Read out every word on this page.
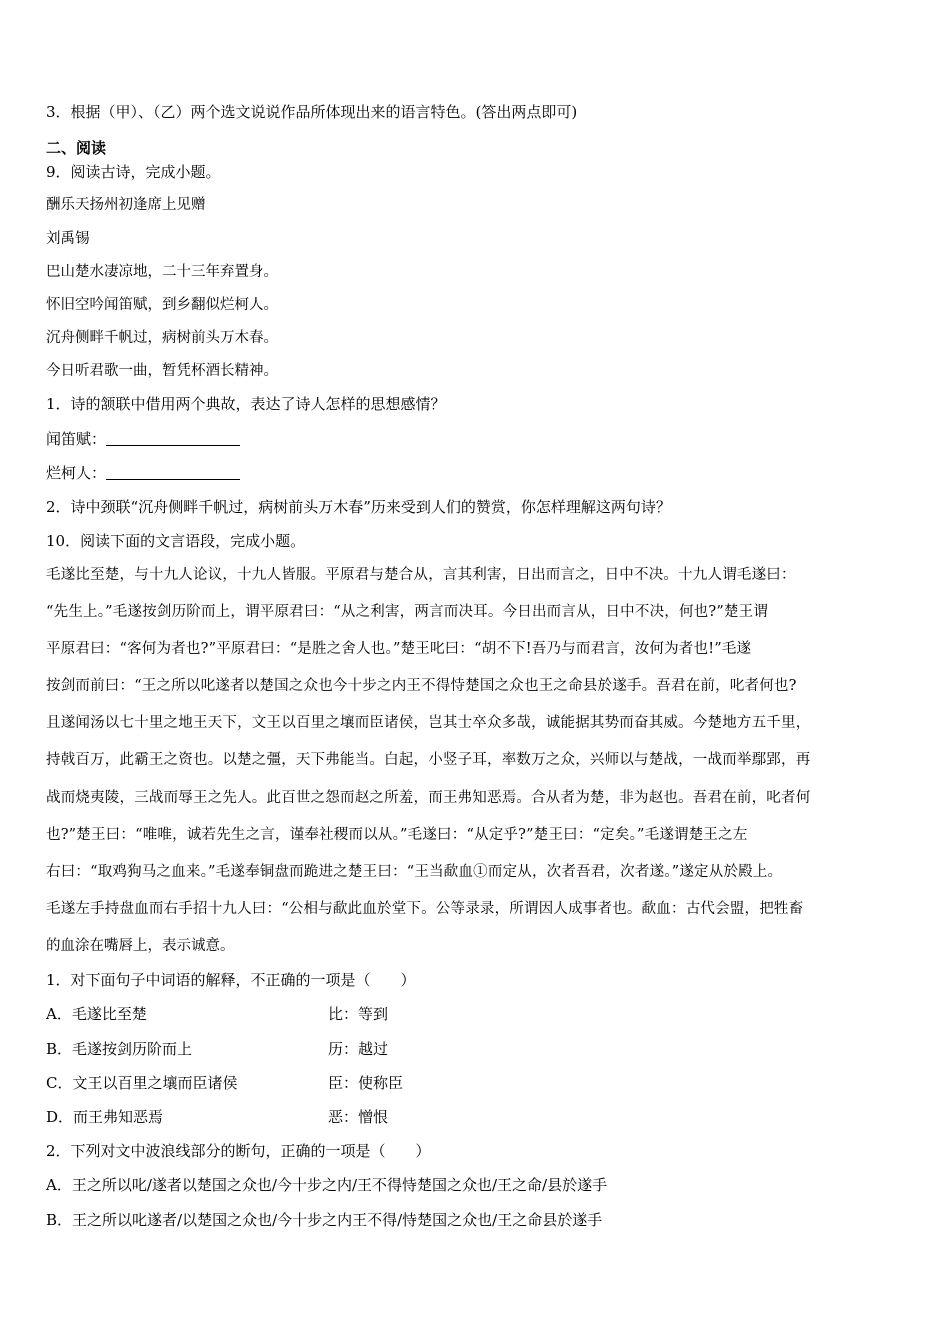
3．根据（甲）、（乙）两个选文说说作品所体现出来的语言特色。(答出两点即可)
二、阅读
9．阅读古诗，完成小题。
酬乐天扬州初逢席上见赠
刘禹锡
巴山楚水凄凉地，二十三年弃置身。
怀旧空吟闻笛赋，到乡翻似烂柯人。
沉舟侧畔千帆过，病树前头万木春。
今日听君歌一曲，暂凭杯酒长精神。
1．诗的颔联中借用两个典故，表达了诗人怎样的思想感情？
闻笛赋：
烂柯人：
2．诗中颈联“沉舟侧畔千帆过，病树前头万木春”历来受到人们的赞赏，你怎样理解这两句诗？
10．阅读下面的文言语段，完成小题。
毛遂比至楚，与十九人论议，十九人皆服。平原君与楚合从，言其利害，日出而言之，日中不决。十九人谓毛遂曰：
“先生上。”毛遂按剑历阶而上，谓平原君曰：“从之利害，两言而决耳。今日出而言从，日中不决，何也?”楚王谓
平原君曰：“客何为者也?”平原君曰：“是胜之舍人也。”楚王叱曰：“胡不下!吾乃与而君言，汝何为者也!”毛遂
按剑而前曰：“王之所以叱遂者以楚国之众也今十步之内王不得恃楚国之众也王之命县於遂手。吾君在前，叱者何也?
且遂闻汤以七十里之地王天下，文王以百里之壤而臣诸侯，岂其士卒众多哉，诚能据其势而奋其威。今楚地方五千里，
持戟百万，此霸王之资也。以楚之彊，天下弗能当。白起，小竖子耳，率数万之众，兴师以与楚战，一战而举鄢郢，再
战而烧夷陵，三战而辱王之先人。此百世之怨而赵之所羞，而王弗知恶焉。合从者为楚，非为赵也。吾君在前，叱者何
也?”楚王曰：“唯唯，诚若先生之言，谨奉社稷而以从。”毛遂曰：“从定乎?”楚王曰：“定矣。”毛遂谓楚王之左
右曰：“取鸡狗马之血来。”毛遂奉铜盘而跪进之楚王曰：“王当歃血①而定从，次者吾君，次者遂。”遂定从於殿上。
毛遂左手持盘血而右手招十九人曰：“公相与歃此血於堂下。公等录录，所谓因人成事者也。歃血：古代会盟，把牲畜
的血涂在嘴唇上，表示诚意。
1．对下面句子中词语的解释，不正确的一项是（　　）
A．毛遂比至楚	比：等到
B．毛遂按剑历阶而上	历：越过
C．文王以百里之壤而臣诸侯	臣：使称臣
D．而王弗知恶焉	恶：憎恨
2．下列对文中波浪线部分的断句，正确的一项是（　　）
A．王之所以叱/遂者以楚国之众也/今十步之内/王不得恃楚国之众也/王之命/县於遂手
B．王之所以叱遂者/以楚国之众也/今十步之内王不得/恃楚国之众也/王之命县於遂手
